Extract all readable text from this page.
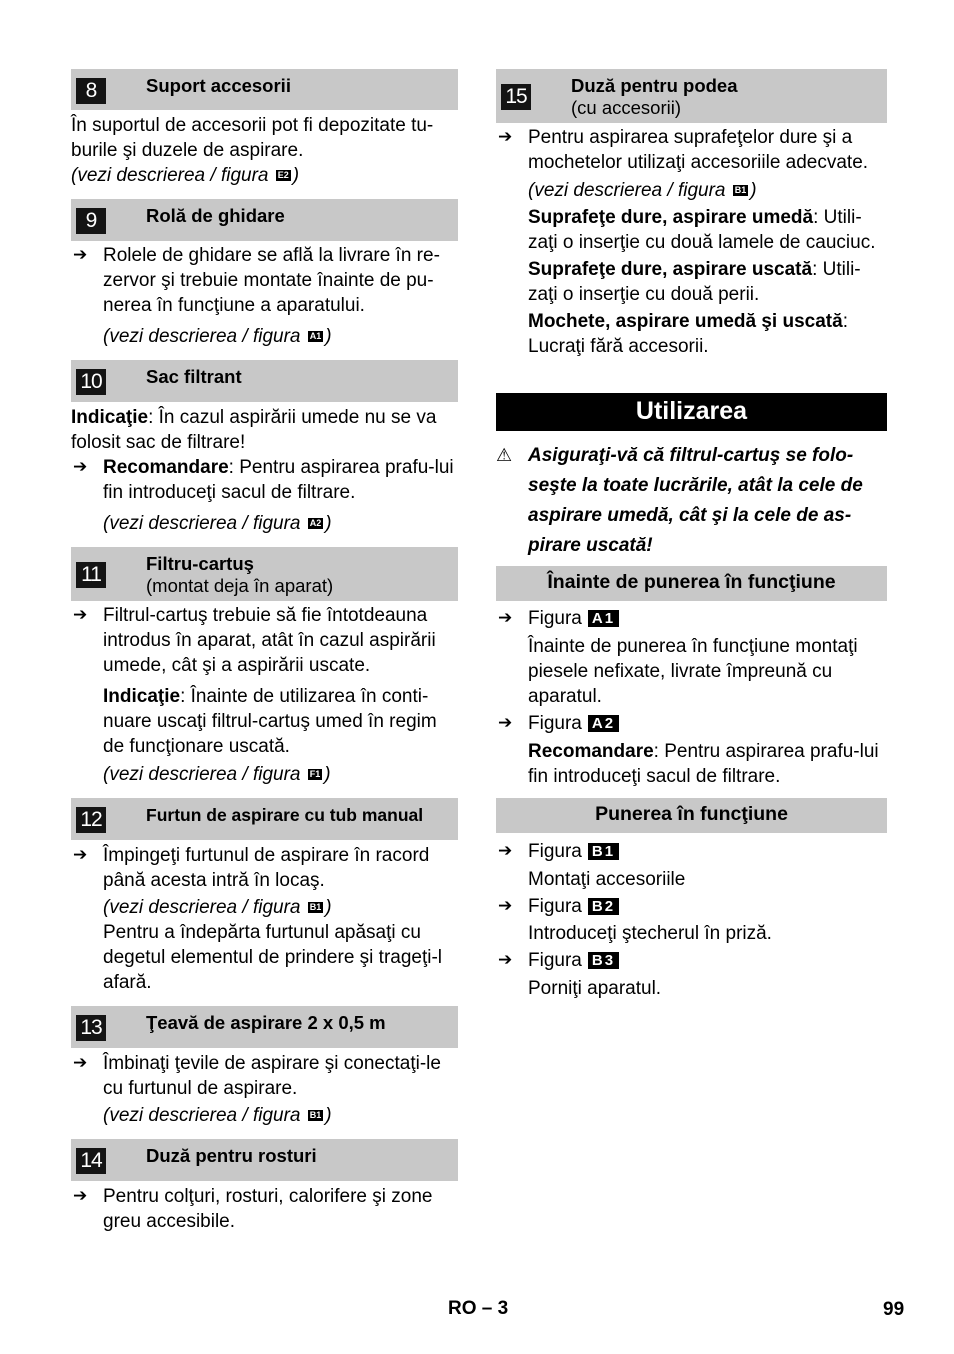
8	Suport accesorii

În suportul de accesorii pot fi depozitate tu-burile şi duzele de aspirare.

(vezi descrierea / figura E2 )

9	Rolă de ghidare

➔ Rolele de ghidare se află la livrare în re-zervor şi trebuie montate înainte de pu-nerea în funcţiune a aparatului.

(vezi descrierea / figura A1 )

10 Sac filtrant

Indicaţie: În cazul aspirării umede nu se va folosit sac de filtrare!

➔ Recomandare: Pentru aspirarea prafu-lui fin introduceţi sacul de filtrare.

(vezi descrierea / figura A2 )

11 Filtru-cartuş
(montat deja în aparat)

➔ Filtrul-cartuş trebuie să fie întotdeauna introdus în aparat, atât în cazul aspirării umede, cât şi a aspirării uscate.

Indicaţie: Înainte de utilizarea în conti-nuare uscaţi filtrul-cartuş umed în regim de funcţionare uscată.

(vezi descrierea / figura F1 )

12	Furtun de aspirare cu tub manual

➔ Împingeţi furtunul de aspirare în racord până acesta intră în locaş.

(vezi descrierea / figura B1 )

Pentru a îndepărta furtunul apăsaţi cu degetul elementul de prindere şi trageţi-l afară.

13 Ţeavă de aspirare 2 x 0,5 m

➔ Îmbinaţi ţevile de aspirare şi conectaţi-le cu furtunul de aspirare.

(vezi descrierea / figura B1 )

14 Duză pentru rosturi

➔ Pentru colţuri, rosturi, calorifere şi zone greu accesibile.

15 Duză pentru podea
(cu accesorii)

➔ Pentru aspirarea suprafeţelor dure şi a mochetelor utilizaţi accesoriile adecvate.

(vezi descrierea / figura B1 )

Suprafeţe dure, aspirare umedă: Utili-zaţi o inserţie cu două lamele de cauciuc.

Suprafeţe dure, aspirare uscată: Utili-zaţi o inserţie cu două perii.

Mochete, aspirare umedă şi uscată:
Lucraţi fără accesorii.

Utilizarea

⚠ Asiguraţi-vă că filtrul-cartuş se folo-seşte la toate lucrările, atât la cele de aspirare umedă, cât şi la cele de as-pirare uscată!

Înainte de punerea în funcţiune

➔ Figura A1

Înainte de punerea în funcţiune montaţi piesele nefixate, livrate împreună cu aparatul.

➔ Figura A2

Recomandare: Pentru aspirarea prafu-lui fin introduceţi sacul de filtrare.

Punerea în funcţiune

➔ Figura B1

Montaţi accesoriile

➔ Figura B2

Introduceţi ştecherul în priză.

➔ Figura B3

Porniţi aparatul.

RO – 3	99
